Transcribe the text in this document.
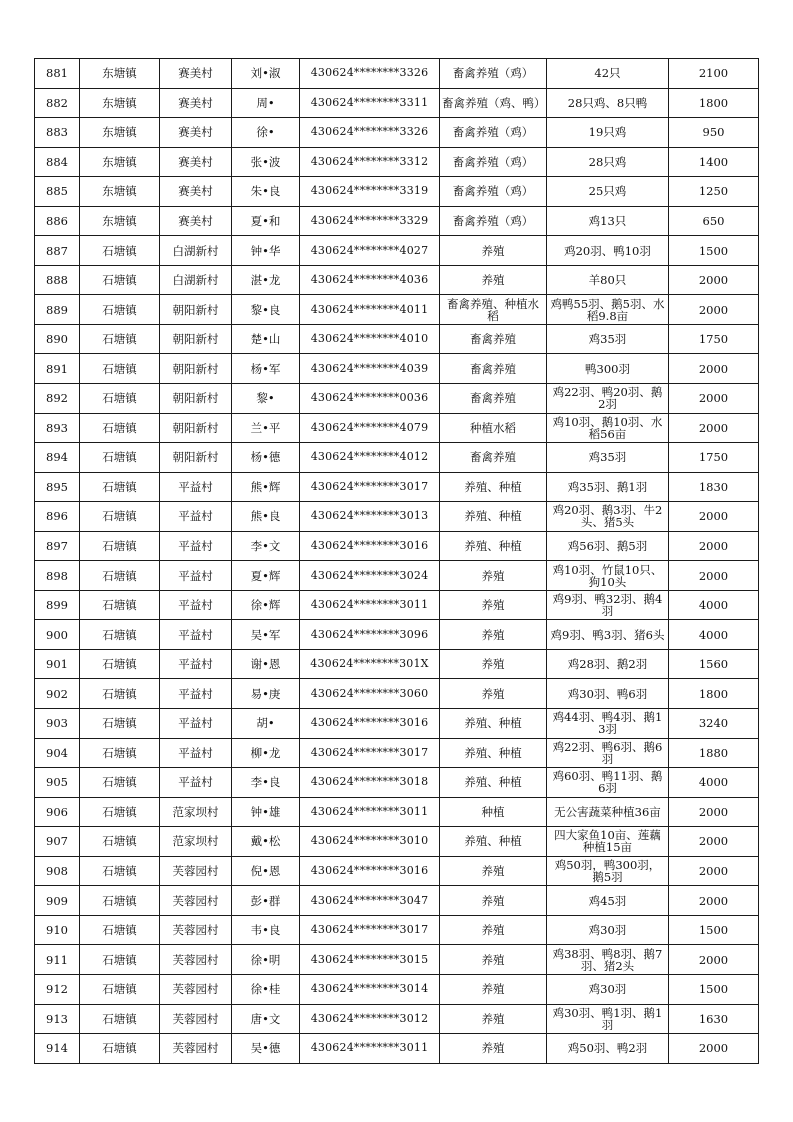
881	东塘镇	赛美村	刘•淑	430624********3326	畜禽养殖（鸡）	42只	2100
882	东塘镇	赛美村	周•	430624********3311	畜禽养殖（鸡、鸭）	28只鸡、8只鸭	1800
883	东塘镇	赛美村	徐•	430624********3326	畜禽养殖（鸡）	19只鸡	950
884	东塘镇	赛美村	张•波	430624********3312	畜禽养殖（鸡）	28只鸡	1400
885	东塘镇	赛美村	朱•良	430624********3319	畜禽养殖（鸡）	25只鸡	1250
886	东塘镇	赛美村	夏•和	430624********3329	畜禽养殖（鸡）	鸡13只	650
887	石塘镇	白湖新村	钟•华	430624********4027	养殖	鸡20羽、鸭10羽	1500
888	石塘镇	白湖新村	湛•龙	430624********4036	养殖	羊80只	2000
889	石塘镇	朝阳新村	黎•良	430624********4011	畜禽养殖、种植水稻	鸡鸭55羽、鹅5羽、水稻9.8亩	2000
890	石塘镇	朝阳新村	楚•山	430624********4010	畜禽养殖	鸡35羽	1750
891	石塘镇	朝阳新村	杨•军	430624********4039	畜禽养殖	鸭300羽	2000
892	石塘镇	朝阳新村	黎•	430624********0036	畜禽养殖	鸡22羽、鸭20羽、鹅2羽	2000
893	石塘镇	朝阳新村	兰•平	430624********4079	种植水稻	鸡10羽、鹅10羽、水稻56亩	2000
894	石塘镇	朝阳新村	杨•德	430624********4012	畜禽养殖	鸡35羽	1750
895	石塘镇	平益村	熊•辉	430624********3017	养殖、种植	鸡35羽、鹅1羽	1830
896	石塘镇	平益村	熊•良	430624********3013	养殖、种植	鸡20羽、鹅3羽、牛2头、猪5头	2000
897	石塘镇	平益村	李•文	430624********3016	养殖、种植	鸡56羽、鹅5羽	2000
898	石塘镇	平益村	夏•辉	430624********3024	养殖	鸡10羽、竹鼠10只、狗10头	2000
899	石塘镇	平益村	徐•辉	430624********3011	养殖	鸡9羽、鸭32羽、鹅4羽	4000
900	石塘镇	平益村	吴•军	430624********3096	养殖	鸡9羽、鸭3羽、猪6头	4000
901	石塘镇	平益村	谢•恩	430624********301X	养殖	鸡28羽、鹅2羽	1560
902	石塘镇	平益村	易•庚	430624********3060	养殖	鸡30羽、鸭6羽	1800
903	石塘镇	平益村	胡•	430624********3016	养殖、种植	鸡44羽、鸭4羽、鹅13羽	3240
904	石塘镇	平益村	柳•龙	430624********3017	养殖、种植	鸡22羽、鸭6羽、鹅6羽	1880
905	石塘镇	平益村	李•良	430624********3018	养殖、种植	鸡60羽、鸭11羽、鹅6羽	4000
906	石塘镇	范家坝村	钟•雄	430624********3011	种植	无公害蔬菜种植36亩	2000
907	石塘镇	范家坝村	戴•松	430624********3010	养殖、种植	四大家鱼10亩、莲藕种植15亩	2000
908	石塘镇	芙蓉园村	倪•恩	430624********3016	养殖	鸡50羽，鸭300羽，鹅5羽	2000
909	石塘镇	芙蓉园村	彭•群	430624********3047	养殖	鸡45羽	2000
910	石塘镇	芙蓉园村	韦•良	430624********3017	养殖	鸡30羽	1500
911	石塘镇	芙蓉园村	徐•明	430624********3015	养殖	鸡38羽、鸭8羽、鹅7羽、猪2头	2000
912	石塘镇	芙蓉园村	徐•桂	430624********3014	养殖	鸡30羽	1500
913	石塘镇	芙蓉园村	唐•文	430624********3012	养殖	鸡30羽、鸭1羽、鹅1羽	1630
914	石塘镇	芙蓉园村	吴•德	430624********3011	养殖	鸡50羽、鸭2羽	2000
